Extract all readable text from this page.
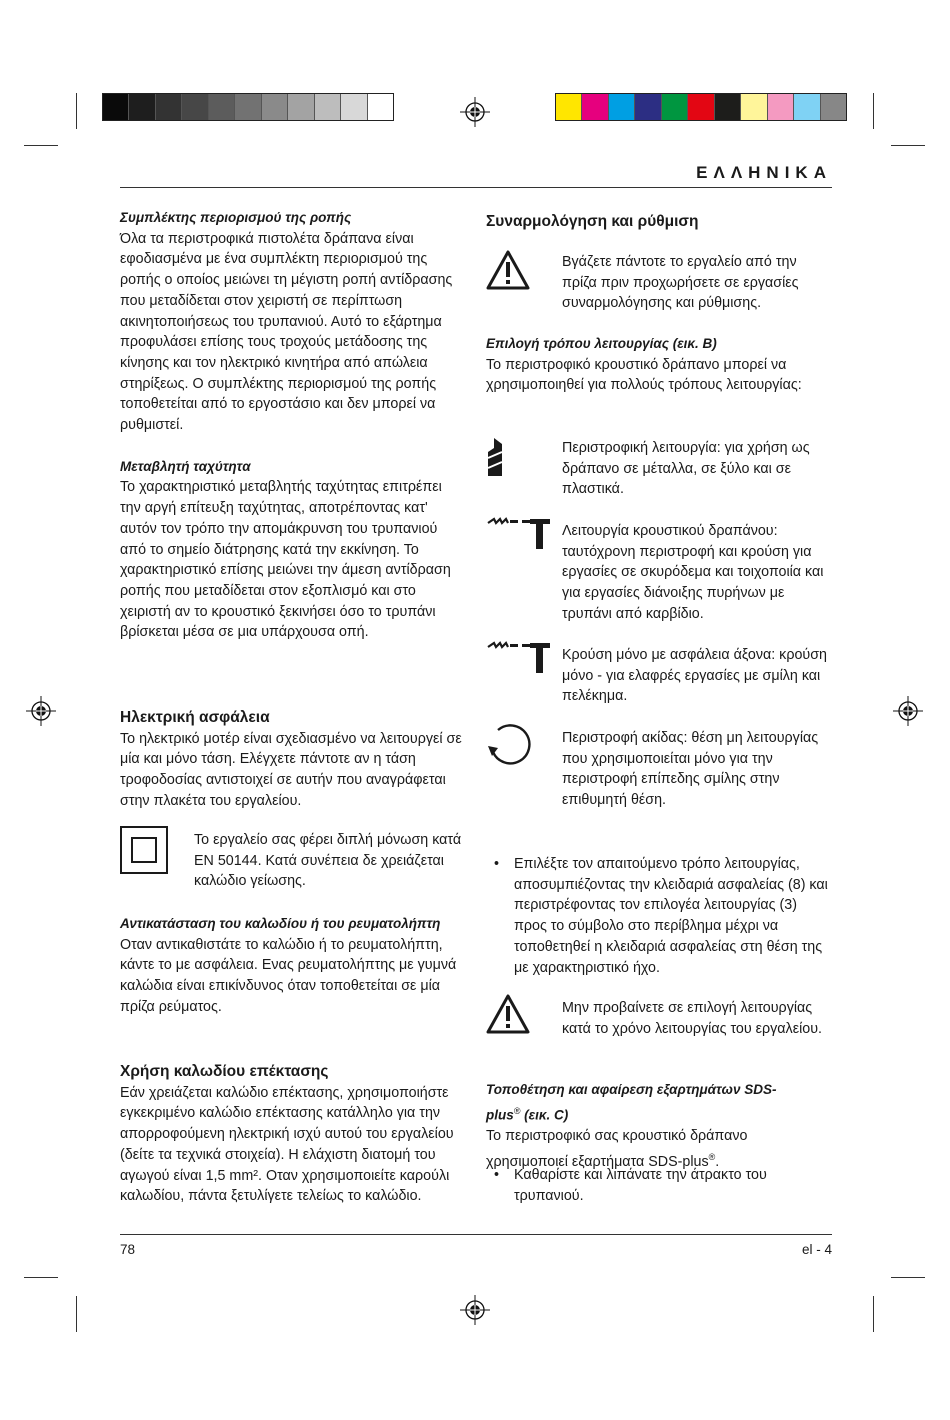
ΕΛΛΗΝΙΚΑ

Συμπλέκτης περιορισμού της ροπής

Όλα τα περιστροφικά πιστολέτα δράπανα είναι εφοδιασμένα με ένα συμπλέκτη περιορισμού της ροπής ο οποίος μειώνει τη μέγιστη ροπή αντίδρασης που μεταδίδεται στον χειριστή σε περίπτωση ακινητοποιήσεως του τρυπανιού. Αυτό το εξάρτημα προφυλάσει επίσης τους τροχούς μετάδοσης της κίνησης και τον ηλεκτρικό κινητήρα από απώλεια στηρίξεως. Ο συμπλέκτης περιορισμού της ροπής τοποθετείται από το εργοστάσιο και δεν μπορεί να ρυθμιστεί.

Μεταβλητή ταχύτητα

Το χαρακτηριστικό μεταβλητής ταχύτητας επιτρέπει την αργή επίτευξη ταχύτητας, αποτρέποντας κατ' αυτόν τον τρόπο την απομάκρυνση του τρυπανιού από το σημείο διάτρησης κατά την εκκίνηση. Το χαρακτηριστικό επίσης μειώνει την άμεση αντίδραση ροπής που μεταδίδεται στον εξοπλισμό και στο χειριστή αν το κρουστικό ξεκινήσει όσο το τρυπάνι βρίσκεται μέσα σε μια υπάρχουσα οπή.

Ηλεκτρική ασφάλεια

Το ηλεκτρικό μοτέρ είναι σχεδιασμένο να λειτουργεί σε μία και μόνο τάση. Ελέγχετε πάντοτε αν η τάση τροφοδοσίας αντιστοιχεί σε αυτήν που αναγράφεται στην πλακέτα του εργαλείου.

Το εργαλείο σας φέρει διπλή μόνωση κατά EN 50144. Κατά συνέπεια δε χρειάζεται καλώδιο γείωσης.

Αντικατάσταση του καλωδίου ή του ρευματολήπτη

Οταν αντικαθιστάτε το καλώδιο ή το ρευματολήπτη, κάντε το με ασφάλεια. Ενας ρευματολήπτης με γυμνά καλώδια είναι επικίνδυνος όταν τοποθετείται σε μία πρίζα ρεύματος.

Χρήση καλωδίου επέκτασης

Εάν χρειάζεται καλώδιο επέκτασης, χρησιμοποιήστε εγκεκριμένο καλώδιο επέκτασης κατάλληλο για την απορροφούμενη ηλεκτρική ισχύ αυτού του εργαλείου (δείτε τα τεχνικά στοιχεία). Η ελάχιστη διατομή του αγωγού είναι 1,5 mm². Οταν χρησιμοποιείτε καρούλι καλωδίου, πάντα ξετυλίγετε τελείως το καλώδιο.

Συναρμολόγηση και ρύθμιση

Βγάζετε πάντοτε το εργαλείο από την πρίζα πριν προχωρήσετε σε εργασίες συναρμολόγησης και ρύθμισης.

Επιλογή τρόπου λειτουργίας (εικ. B)

Το περιστροφικό κρουστικό δράπανο μπορεί να χρησιμοποιηθεί για πολλούς τρόπους λειτουργίας:

Περιστροφική λειτουργία: για χρήση ως δράπανο σε μέταλλα, σε ξύλο και σε πλαστικά.
Λειτουργία κρουστικού δραπάνου: ταυτόχρονη περιστροφή και κρούση για εργασίες σε σκυρόδεμα και τοιχοποιία και για εργασίες διάνοιξης πυρήνων με τρυπάνι από καρβίδιο.
Κρούση μόνο με ασφάλεια άξονα: κρούση μόνο - για ελαφρές εργασίες με σμίλη και πελέκημα.
Περιστροφή ακίδας: θέση μη λειτουργίας που χρησιμοποιείται μόνο για την περιστροφή επίπεδης σμίλης στην επιθυμητή θέση.
• Επιλέξτε τον απαιτούμενο τρόπο λειτουργίας, αποσυμπιέζοντας την κλειδαριά ασφαλείας (8) και περιστρέφοντας τον επιλογέα λειτουργίας (3) προς το σύμβολο στο περίβλημα μέχρι να τοποθετηθεί η κλειδαριά ασφαλείας στη θέση της με χαρακτηριστικό ήχο.
Μην προβαίνετε σε επιλογή λειτουργίας κατά το χρόνο λειτουργίας του εργαλείου.

Τοποθέτηση και αφαίρεση εξαρτημάτων SDS-

plus® (εικ. C)

Το περιστροφικό σας κρουστικό δράπανο χρησιμοποιεί εξαρτήματα SDS-plus®.

• Καθαρίστε και λιπάνατε την άτρακτο του τρυπανιού.
78	el - 4
